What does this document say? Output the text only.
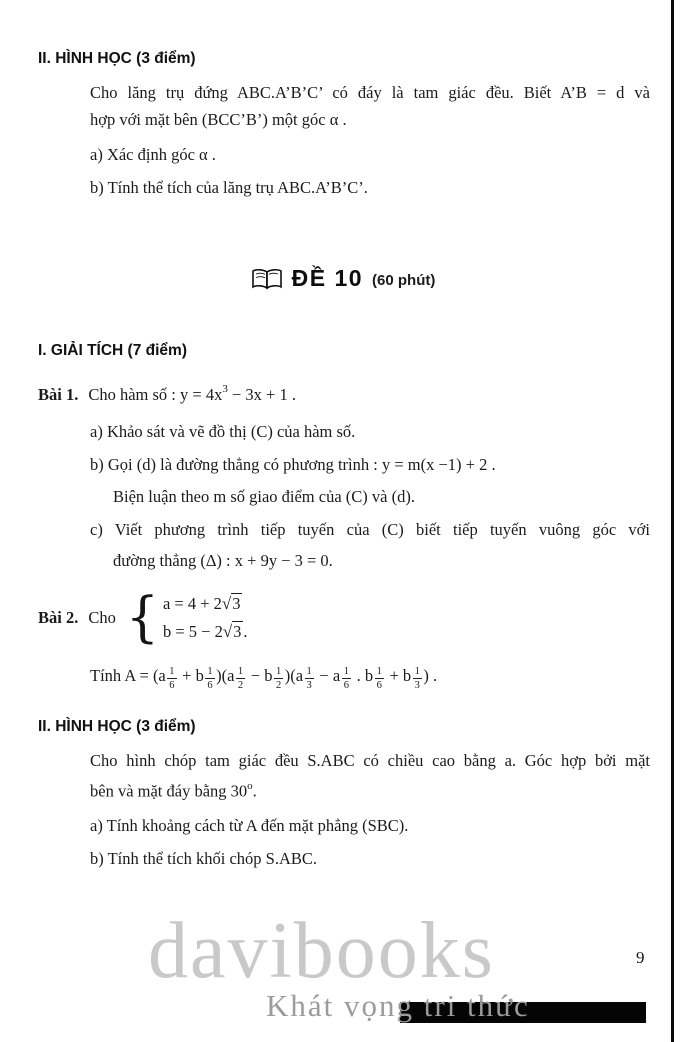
II. HÌNH HỌC (3 điểm)
Cho lăng trụ đứng ABC.A’B’C’ có đáy là tam giác đều. Biết A’B = d và
hợp với mặt bên (BCC’B’) một góc α .
a) Xác định góc α .
b) Tính thể tích của lăng trụ ABC.A’B’C’.
ĐỀ 10 (60 phút)
I. GIẢI TÍCH (7 điểm)
Bài 1. Cho hàm số : $y = 4x^3 - 3x + 1$ .
a) Khảo sát và vẽ đồ thị (C) của hàm số.
b) Gọi (d) là đường thẳng có phương trình : y = m(x −1) + 2 .
Biện luận theo m số giao điểm của (C) và (d).
c) Viết phương trình tiếp tuyến của (C) biết tiếp tuyến vuông góc với
đường thẳng (Δ) : x + 9y − 3 = 0.
Bài 2. Cho { a = 4 + 2√3
b = 5 − 2√3 .
Tính $A = (a \frac{1}{6} + b \frac{1}{6} )(a \frac{1}{2} - b \frac{1}{2} )(a \frac{1}{3} - a \frac{1}{6}$ . b $\frac{1}{6} + b \frac{1}{3}$ ) .
II. HÌNH HỌC (3 điểm)
Cho hình chóp tam giác đều S.ABC có chiều cao bằng a. Góc hợp bởi mặt
bên và mặt đáy bằng 30$^o$.
a) Tính khoảng cách từ A đến mặt phẳng (SBC).
b) Tính thể tích khối chóp S.ABC.
davibooks
Khát vọng tri thức
9
